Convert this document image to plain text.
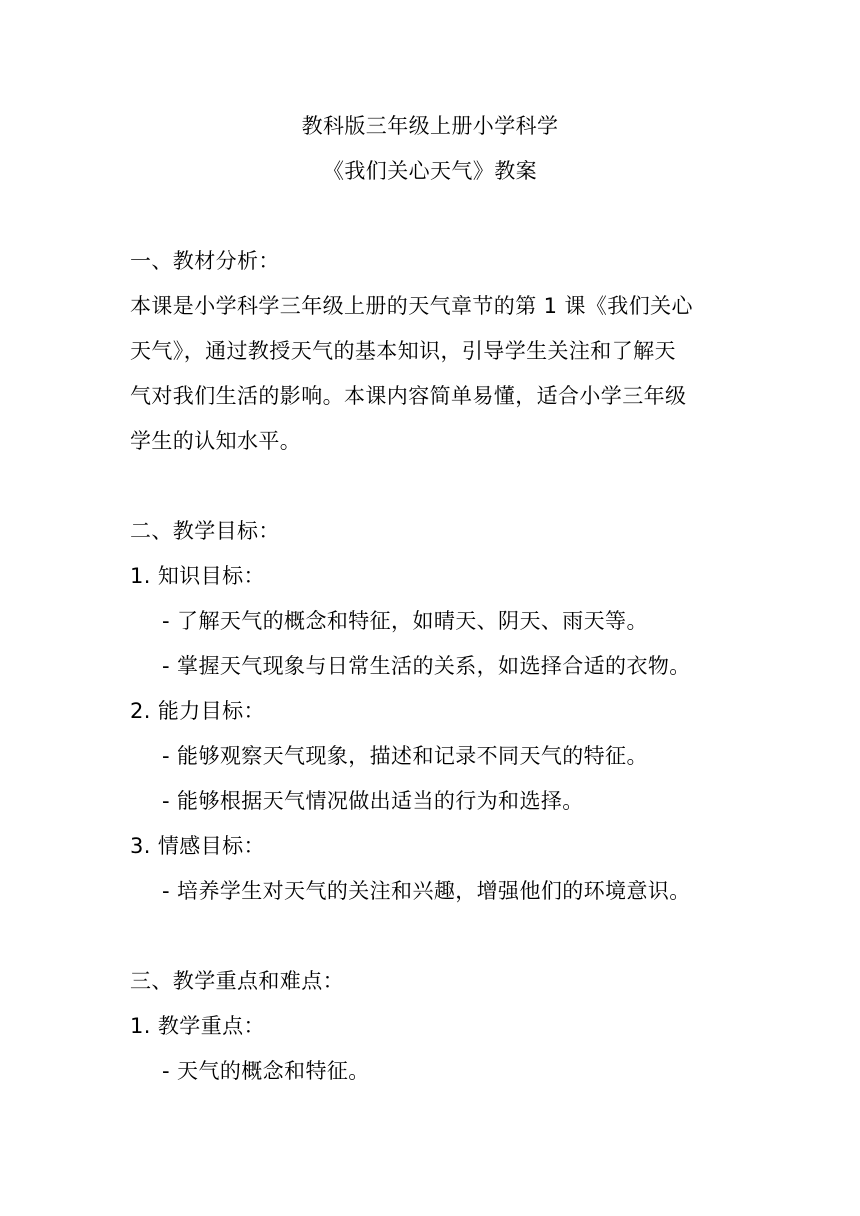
教科版三年级上册小学科学
《我们关心天气》教案
一、教材分析：
本课是小学科学三年级上册的天气章节的第 1 课《我们关心
天气》，通过教授天气的基本知识，引导学生关注和了解天
气对我们生活的影响。本课内容简单易懂，适合小学三年级
学生的认知水平。
二、教学目标：
1. 知识目标：
- 了解天气的概念和特征，如晴天、阴天、雨天等。
- 掌握天气现象与日常生活的关系，如选择合适的衣物。
2. 能力目标：
- 能够观察天气现象，描述和记录不同天气的特征。
- 能够根据天气情况做出适当的行为和选择。
3. 情感目标：
- 培养学生对天气的关注和兴趣，增强他们的环境意识。
三、教学重点和难点：
1. 教学重点：
- 天气的概念和特征。
